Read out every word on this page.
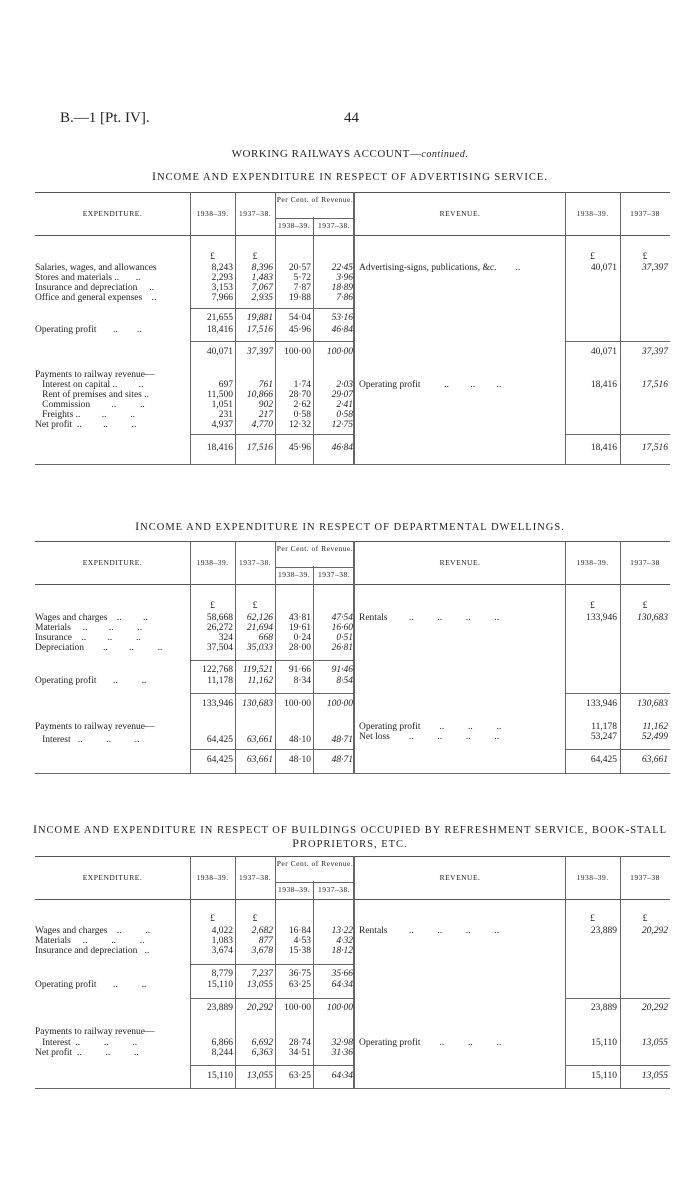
B.—1 [Pt. IV].	44
WORKING RAILWAYS ACCOUNT—continued.
INCOME AND EXPENDITURE IN RESPECT OF ADVERTISING SERVICE.
EXPENDITURE.	1938–39.	1937–38.
Per Cent. of Revenue.
1938–39.	1937–38.
REVENUE.	1938–39.	1937–38
£	£	£	£
Salaries, wages, and allowances	8,243	8,396	20·57	22·45
Stores and materials ..       ..	2,293	1,483	5·72	3·96
Insurance and depreciation     ..	3,153	7,067	7·87	18·89
Office and general expenses    ..	7,966	2,935	19·88	7·86
21,655	19,881	54·04	53·16
Operating profit       ..        ..	18,416	17,516	45·96	46·84
40,071	37,397	100·00	100·00
Payments to railway revenue—
Interest on capital ..         ..	697	761	1·74	2·03
Rent of premises and sites ..	11,500	10,866	28·70	29·07
Commission         ..          ..	1,051	902	2·62	2·41
Freights ..         ..          ..	231	217	0·58	0·58
Net profit  ..         ..          ..	4,937	4,770	12·32	12·75
18,416	17,516	45·96	46·84
Advertising-signs, publications, &c.        ..	40,071	37,397
40,071	37,397
Operating profit          ..         ..         ..	18,416	17,516
18,416	17,516
INCOME AND EXPENDITURE IN RESPECT OF DEPARTMENTAL DWELLINGS.
EXPENDITURE.	1938–39.	1937–38.
Per Cent. of Revenue.
1938–39.	1937–38.
REVENUE.	1938–39.	1937–38
£	£	£	£
Wages and charges    ..         ..	58,668	62,126	43·81	47·54
Materials     ..         ..          ..	26,272	21,694	19·61	16·60
Insurance    ..         ..          ..	324	668	0·24	0·51
Depreciation        ..         ..          ..	37,504	35,033	28·00	26·81
122,768	119,521	91·66	91·46
Operating profit       ..          ..	11,178	11,162	8·34	8·54
133,946 130,683	100·00	100·00
Payments to railway revenue—
Interest   ..          ..          ..	64,425	63,661	48·10	48·71
64,425	63,661	48·10	48·71
Rentals         ..          ..          ..          ..	133,946	130,683
133,946	130,683
Operating profit        ..          ..          ..	11,178	11,162
Net loss        ..          ..          ..          ..	53,247	52,499
64,425	63,661
INCOME AND EXPENDITURE IN RESPECT OF BUILDINGS OCCUPIED BY REFRESHMENT SERVICE, BOOK-STALL
PROPRIETORS, ETC.
EXPENDITURE.	1938–39.	1937–38.
Per Cent. of Revenue.
1938–39.	1937–38.
REVENUE.	1938–39.	1937–38
£	£	£	£
Wages and charges    ..          ..	4,022	2,682	16·84	13·22
Materials     ..          ..          ..	1,083	877	4·53	4·32
Insurance and depreciation   ..	3,674	3,678	15·38	18·12
8,779	7,237	36·75	35·66
Operating profit       ..          ..	15,110	13,055	63·25	64·34
23,889	20,292	100·00	100·00
Payments to railway revenue—
Interest  ..          ..          ..	6,866	6,692	28·74	32·98
Net profit  ..          ..          ..	8,244	6,363	34·51	31·36
15,110	13,055	63·25	64·34
Rentals         ..          ..          ..          ..	23,889	20,292
23,889	20,292
Operating profit        ..          ..          ..	15,110	13,055
15,110	13,055
